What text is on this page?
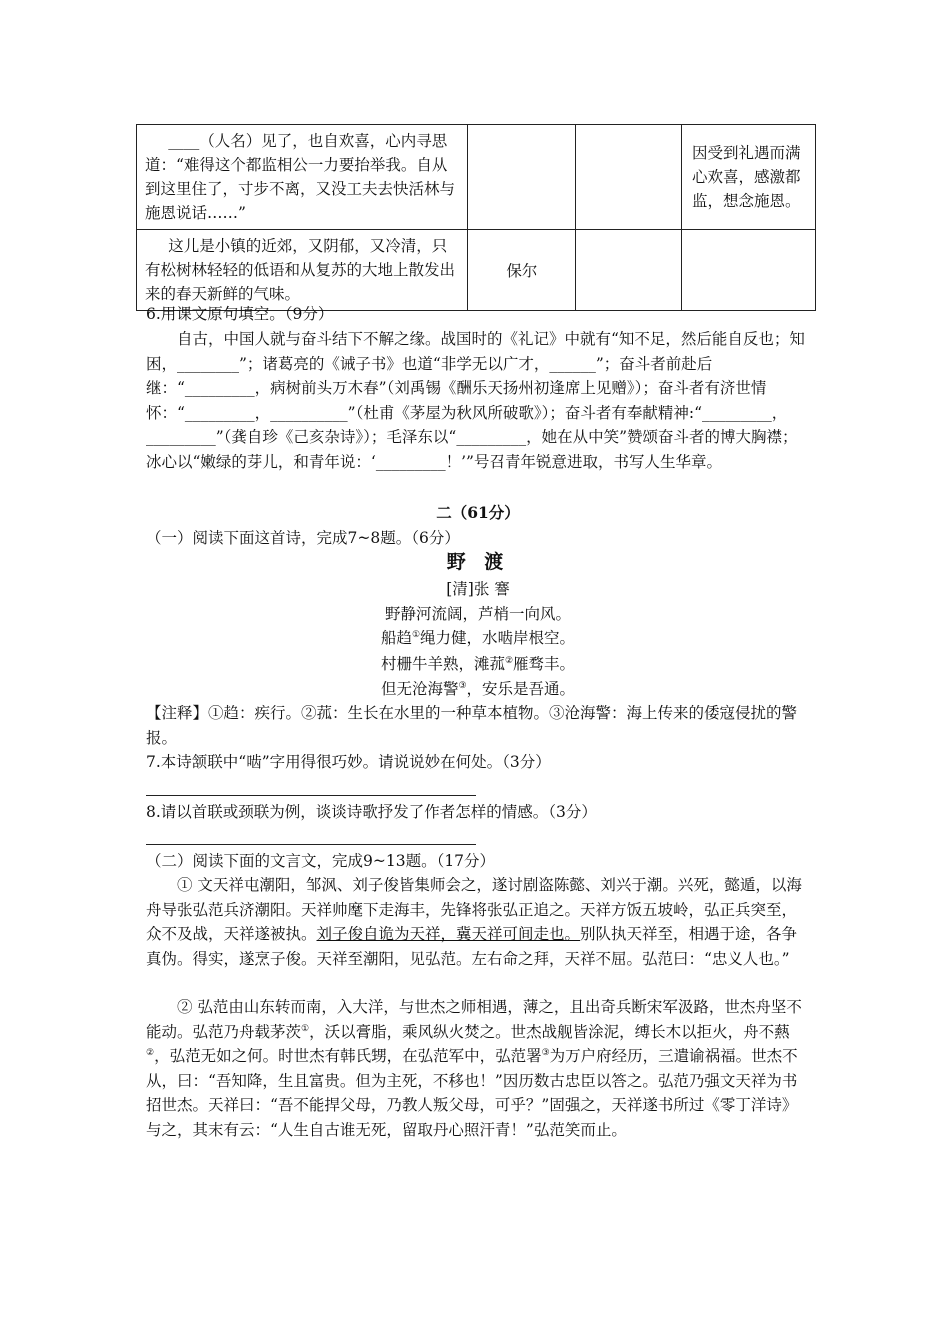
____（人名）见了，也自欢喜，心内寻思道：“难得这个都监相公一力要抬举我。自从到这里住了，寸步不离，又没工夫去快活林与施恩说话……”			因受到礼遇而满心欢喜，感激都监，想念施恩。

这儿是小镇的近郊，又阴郁，又冷清，只有松树林轻轻的低语和从复苏的大地上散发出来的春天新鲜的气味。	保尔		
6.用课文原句填空。（9分）
自古，中国人就与奋斗结下不解之缘。战国时的《礼记》中就有“知不足，然后能自反也；知困，________”；诸葛亮的《诫子书》也道“非学无以广才，______”；奋斗者前赴后继：“_________，病树前头万木春”（刘禹锡《酬乐天扬州初逢席上见赠》）；奋斗者有济世情怀：“_________，__________”（杜甫《茅屋为秋风所破歌》）；奋斗者有奉献精神:“_________，_________”（龚自珍《己亥杂诗》）；毛泽东以“_________，她在从中笑”赞颂奋斗者的博大胸襟；冰心以“嫩绿的芽儿，和青年说：‘_________！’”号召青年锐意进取，书写人生华章。
二（61分）
（一）阅读下面这首诗，完成7~8题。（6分）
野 渡
[清]张 謇
野静河流阔，芦梢一向风。
船趋①绳力健，水啮岸根空。
村栅牛羊熟，滩菰②雁骛丰。
但无沧海警③，安乐是吾通。
【注释】①趋：疾行。②菰：生长在水里的一种草本植物。③沧海警：海上传来的倭寇侵扰的警报。
7.本诗颔联中“啮”字用得很巧妙。请说说妙在何处。（3分）
8.请以首联或颈联为例，谈谈诗歌抒发了作者怎样的情感。（3分）
（二）阅读下面的文言文，完成9~13题。（17分）
① 文天祥屯潮阳，邹沨、刘子俊皆集师会之，遂讨剧盗陈懿、刘兴于潮。兴死，懿遁，以海舟导张弘范兵济潮阳。天祥帅麾下走海丰，先锋将张弘正追之。天祥方饭五坡岭，弘正兵突至，众不及战，天祥遂被执。刘子俊自诡为天祥，冀天祥可间走也。别队执天祥至，相遇于途，各争真伪。得实，遂烹子俊。天祥至潮阳，见弘范。左右命之拜，天祥不屈。弘范曰：“忠义人也。”
② 弘范由山东转而南，入大洋，与世杰之师相遇，薄之，且出奇兵断宋军汲路，世杰舟坚不能动。弘范乃舟载茅茨①，沃以膏脂，乘风纵火焚之。世杰战舰皆涂泥，缚长木以拒火，舟不爇②，弘范无如之何。时世杰有韩氏甥，在弘范军中，弘范署③为万户府经历，三遣谕祸福。世杰不从，曰：“吾知降，生且富贵。但为主死，不移也！”因历数古忠臣以答之。弘范乃强文天祥为书招世杰。天祥曰：“吾不能捍父母，乃教人叛父母，可乎？”固强之，天祥遂书所过《零丁洋诗》与之，其末有云：“人生自古谁无死，留取丹心照汗青！”弘范笑而止。
